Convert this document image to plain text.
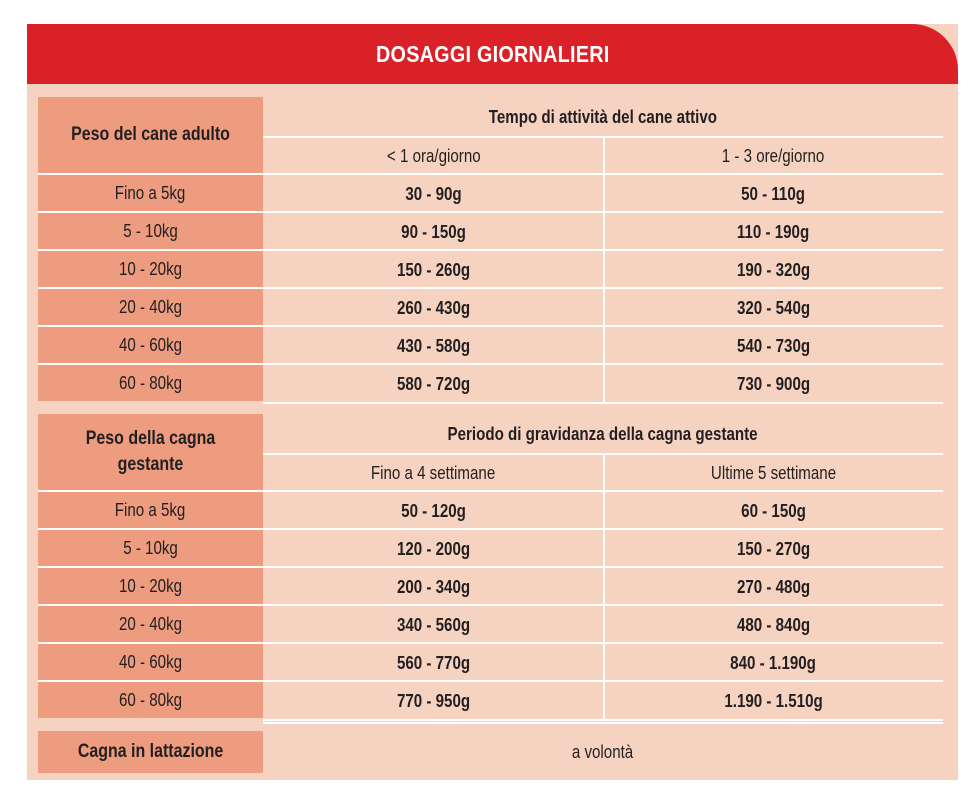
DOSAGGI GIORNALIERI
Peso del cane adulto
Tempo di attività del cane attivo
< 1 ora/giorno	1 - 3 ore/giorno
Fino a 5kg	30 - 90g	50 - 110g
5 - 10kg	90 - 150g	110 - 190g
10 - 20kg	150 - 260g	190 - 320g
20 - 40kg	260 - 430g	320 - 540g
40 - 60kg	430 - 580g	540 - 730g
60 - 80kg	580 - 720g	730 - 900g
Peso della cagna gestante
Periodo di gravidanza della cagna gestante
Fino a 4 settimane	Ultime 5 settimane
Fino a 5kg	50 - 120g	60 - 150g
5 - 10kg	120 - 200g	150 - 270g
10 - 20kg	200 - 340g	270 - 480g
20 - 40kg	340 - 560g	480 - 840g
40 - 60kg	560 - 770g	840 - 1.190g
60 - 80kg	770 - 950g	1.190 - 1.510g
Cagna in lattazione	a volontà
